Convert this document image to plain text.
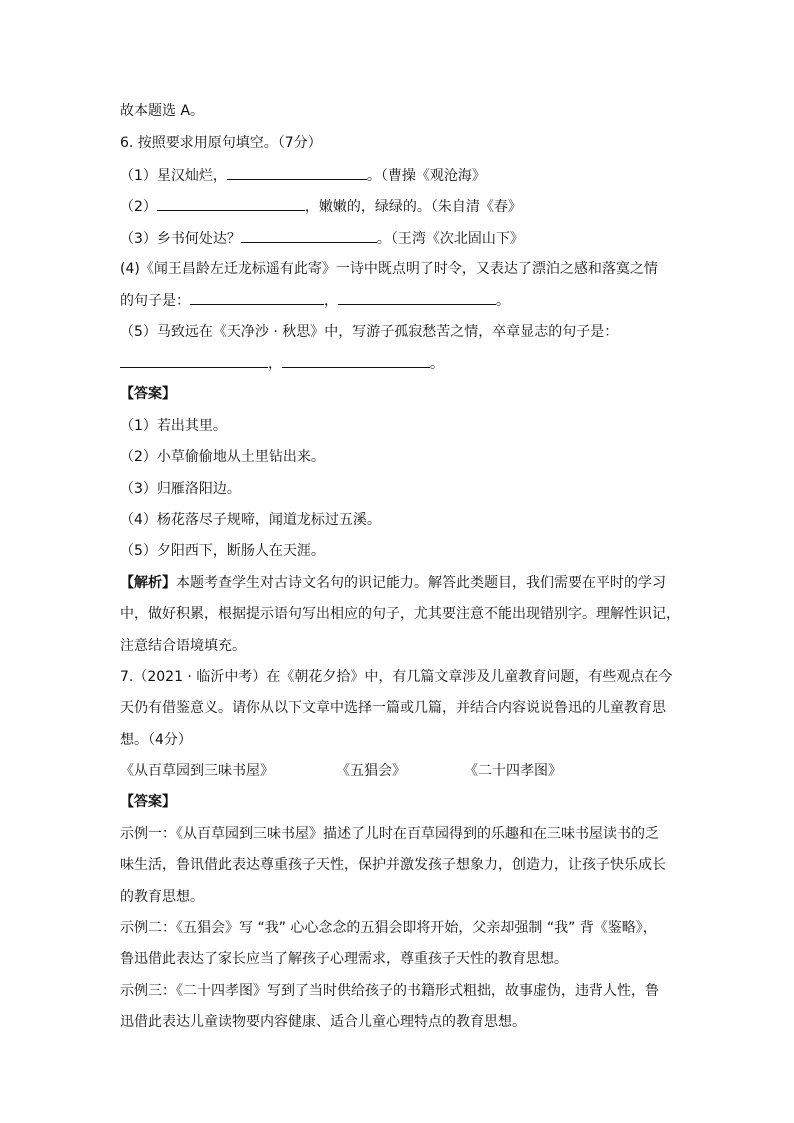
故本题选 A。
6. 按照要求用原句填空。（7分）
（1）星汉灿烂，	。（曹操《观沧海》
（2）	，嫩嫩的，绿绿的。（朱自清《春》
（3）乡书何处达？	。（王湾《次北固山下》
(4)《闻王昌龄左迁龙标遥有此寄》一诗中既点明了时令，又表达了漂泊之感和落寞之情
的句子是：	，	。
（5）马致远在《天净沙 · 秋思》中，写游子孤寂愁苦之情，卒章显志的句子是：
，	。
【答案】
（1）若出其里。
（2）小草偷偷地从土里钻出来。
（3）归雁洛阳边。
（4）杨花落尽子规啼，闻道龙标过五溪。
（5）夕阳西下，断肠人在天涯。
【解析】本题考查学生对古诗文名句的识记能力。解答此类题目，我们需要在平时的学习
中，做好积累，根据提示语句写出相应的句子，尤其要注意不能出现错别字。理解性识记，
注意结合语境填充。
7.（2021 · 临沂中考）在《朝花夕拾》中，有几篇文章涉及儿童教育问题，有些观点在今
天仍有借鉴意义。请你从以下文章中选择一篇或几篇，并结合内容说说鲁迅的儿童教育思
想。（4分）
《从百草园到三味书屋》	《五猖会》	《二十四孝图》
【答案】
示例一：《从百草园到三味书屋》描述了儿时在百草园得到的乐趣和在三味书屋读书的乏
味生活，鲁讯借此表达尊重孩子天性，保护并激发孩子想象力，创造力，让孩子快乐成长
的教育思想。
示例二：《五猖会》写 “我” 心心念念的五猖会即将开始，父亲却强制 “我” 背《鉴略》，
鲁迅借此表达了家长应当了解孩子心理需求，尊重孩子天性的教育思想。
示例三：《二十四孝图》写到了当时供给孩子的书籍形式粗拙，故事虚伪，违背人性，鲁
迅借此表达儿童读物要内容健康、适合儿童心理特点的教育思想。
